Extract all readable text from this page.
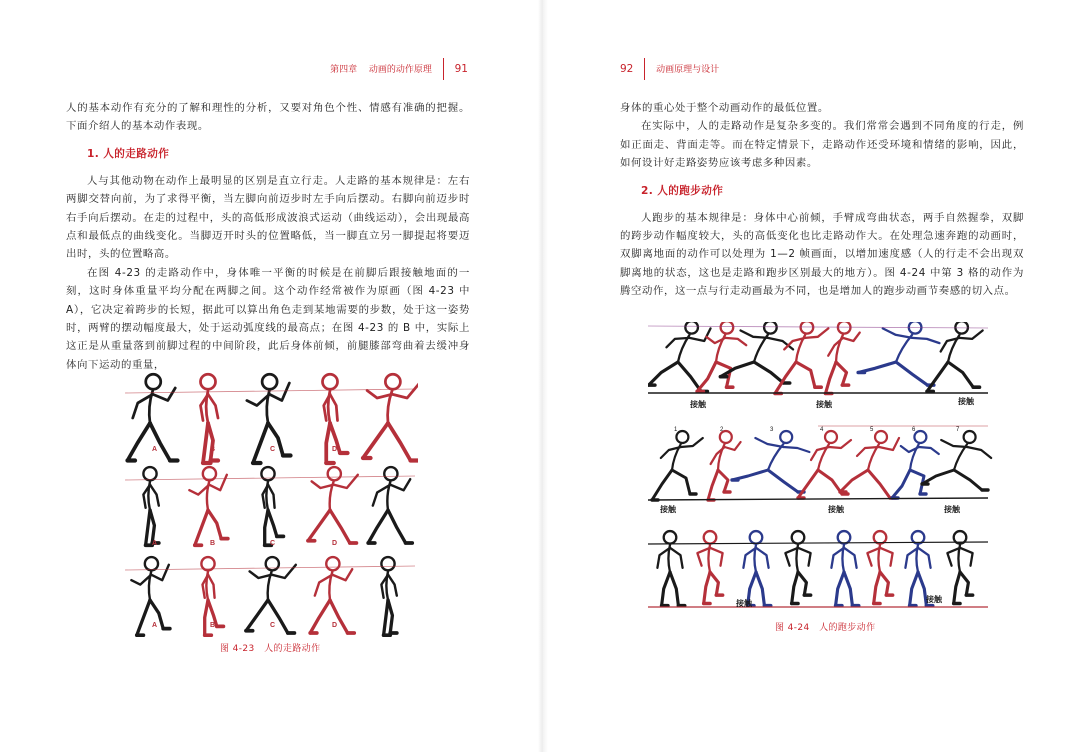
第四章 动画的动作原理 91

人的基本动作有充分的了解和理性的分析，又要对角色个性、情感有准确的把握。下面介绍人的基本动作表现。

1. 人的走路动作

人与其他动物在动作上最明显的区别是直立行走。人走路的基本规律是：左右两脚交替向前，为了求得平衡，当左脚向前迈步时左手向后摆动。右脚向前迈步时右手向后摆动。在走的过程中，头的高低形成波浪式运动（曲线运动），会出现最高点和最低点的曲线变化。当脚迈开时头的位置略低，当一脚直立另一脚提起将要迈出时，头的位置略高。

在图 4-23 的走路动作中，身体唯一平衡的时候是在前脚后跟接触地面的一刻，这时身体重量平均分配在两脚之间。这个动作经常被作为原画（图 4-23 中 A），它决定着跨步的长短，据此可以算出角色走到某地需要的步数，处于这一姿势时，两臂的摆动幅度最大，处于运动弧度线的最高点；在图 4-23 的 B 中，实际上这正是从重量落到前脚过程的中间阶段，此后身体前倾，前腿膝部弯曲着去缓冲身体向下运动的重量，

A	B	C	D
A	B	C	D
A	B	C	D
图 4-23　人的走路动作
92	动画原理与设计

身体的重心处于整个动画动作的最低位置。

在实际中，人的走路动作是复杂多变的。我们常常会遇到不同角度的行走，例如正面走、背面走等。而在特定情景下，走路动作还受环境和情绪的影响，因此，如何设计好走路姿势应该考虑多种因素。

2. 人的跑步动作

人跑步的基本规律是：身体中心前倾，手臂成弯曲状态，两手自然握拳，双脚的跨步动作幅度较大，头的高低变化也比走路动作大。在处理急速奔跑的动画时，双脚离地面的动作可以处理为 1—2 帧画面，以增加速度感（人的行走不会出现双脚离地的状态，这也是走路和跑步区别最大的地方）。图 4-24 中第 3 格的动作为腾空动作，这一点与行走动画最为不同，也是增加人的跑步动画节奏感的切入点。

接触	接触	接触
接触	接触	接触
1	2	3	4	5	6	7
接触	接触
图 4-24　人的跑步动作
